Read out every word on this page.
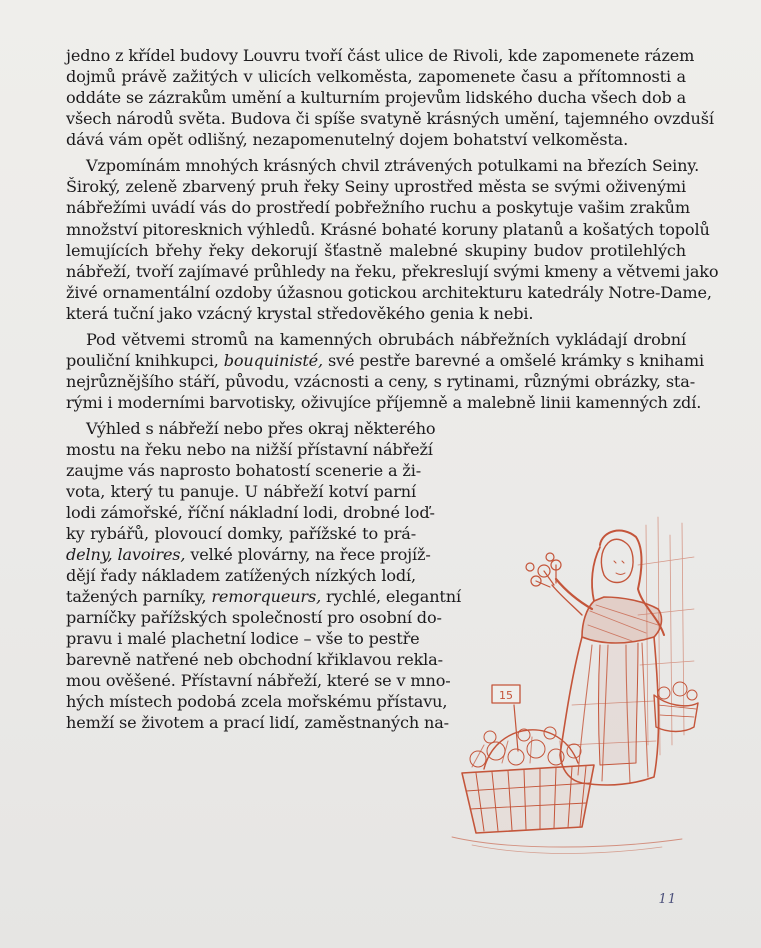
jedno z křídel budovy Louvru tvoří část ulice de Rivoli, kde zapomenete rázem

dojmů právě zažitých v ulicích velkoměsta, zapomenete času a přítomnosti a

oddáte se zázrakům umění a kulturním projevům lidského ducha všech dob a

všech národů světa. Budova či spíše svatyně krásných umění, tajemného ovzduší

dává vám opět odlišný, nezapomenutelný dojem bohatství velkoměsta.

Vzpomínám mnohých krásných chvil ztrávených potulkami na březích Seiny.

Široký, zeleně zbarvený pruh řeky Seiny uprostřed města se svými oživenými

nábřežími uvádí vás do prostředí pobřežního ruchu a poskytuje vašim zrakům

množství pitoresknich výhledů. Krásné bohaté koruny platanů a košatých topolů

lemujících břehy řeky dekorují šťastně malebné skupiny budov protilehlých

nábřeží, tvoří zajímavé průhledy na řeku, překreslují svými kmeny a větvemi jako

živé ornamentální ozdoby úžasnou gotickou architekturu katedrály Notre-Dame,

která tuční jako vzácný krystal středověkého genia k nebi.

Pod větvemi stromů na kamenných obrubách nábřežních vykládají drobní

pouliční knihkupci, bouquinisté, své pestře barevné a omšelé krámky s knihami

nejrůznějšího stáří, původu, vzácnosti a ceny, s rytinami, různými obrázky, sta-

rými i moderními barvotisky, oživujíce příjemně a malebně linii kamenných zdí.

Výhled s nábřeží nebo přes okraj některého

mostu na řeku nebo na nižší přístavní nábřeží

zaujme vás naprosto bohatostí scenerie a ži-

vota, který tu panuje. U nábřeží kotví parní

lodi zámořské, říční nákladní lodi, drobné loď-

ky rybářů, plovoucí domky, pařížské to prá-

delny, lavoires, velké plovárny, na řece projíž-

dějí řady nákladem zatížených nízkých lodí,

tažených parníky, remorqueurs, rychlé, elegantní

parníčky pařížských společností pro osobní do-

pravu i malé plachetní lodice – vše to pestře

barevně natřené neb obchodní křiklavou rekla-

mou ověšené. Přístavní nábřeží, které se v mno-

hých místech podobá zcela mořskému přístavu,

hemží se životem a prací lidí, zaměstnaných na-

15
11
